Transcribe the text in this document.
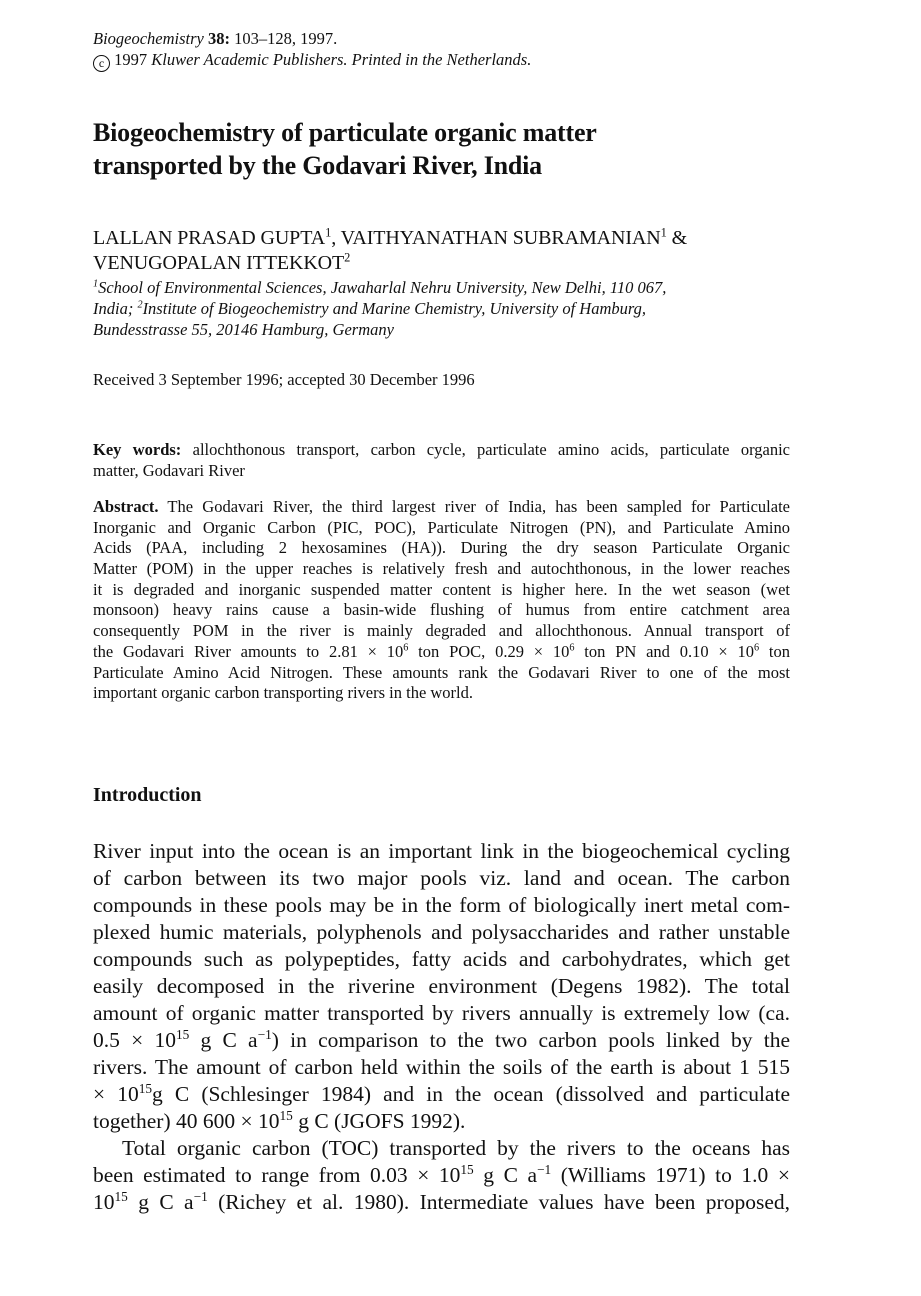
Biogeochemistry 38: 103–128, 1997.
c 1997 Kluwer Academic Publishers. Printed in the Netherlands.
Biogeochemistry of particulate organic matter
transported by the Godavari River, India
LALLAN PRASAD GUPTA$^1$, VAITHYANATHAN SUBRAMANIAN$^1$ &
VENUGOPALAN ITTEKKOT$^2$
$^1$School of Environmental Sciences, Jawaharlal Nehru University, New Delhi, 110 067,
India; $^2$Institute of Biogeochemistry and Marine Chemistry, University of Hamburg,
Bundesstrasse 55, 20146 Hamburg, Germany
Received 3 September 1996; accepted 30 December 1996
Key words: allochthonous transport, carbon cycle, particulate amino acids, particulate organic
matter, Godavari River
Abstract. The Godavari River, the third largest river of India, has been sampled for Particulate
Inorganic and Organic Carbon (PIC, POC), Particulate Nitrogen (PN), and Particulate Amino
Acids (PAA, including 2 hexosamines (HA)). During the dry season Particulate Organic
Matter (POM) in the upper reaches is relatively fresh and autochthonous, in the lower reaches
it is degraded and inorganic suspended matter content is higher here. In the wet season (wet
monsoon) heavy rains cause a basin-wide flushing of humus from entire catchment area
consequently POM in the river is mainly degraded and allochthonous. Annual transport of
the Godavari River amounts to $2.81 \times 10^6$ ton POC, $0.29 \times 10^6$ ton PN and $0.10 \times 10^6$ ton
Particulate Amino Acid Nitrogen. These amounts rank the Godavari River to one of the most
important organic carbon transporting rivers in the world.
Introduction
River input into the ocean is an important link in the biogeochemical cycling
of carbon between its two major pools viz. land and ocean. The carbon
compounds in these pools may be in the form of biologically inert metal com-
plexed humic materials, polyphenols and polysaccharides and rather unstable
compounds such as polypeptides, fatty acids and carbohydrates, which get
easily decomposed in the riverine environment (Degens 1982). The total
amount of organic matter transported by rivers annually is extremely low (ca.
$0.5 \times 10^{15}$ g C $a^{-1}$) in comparison to the two carbon pools linked by the
rivers. The amount of carbon held within the soils of the earth is about 1 515
× $10^{15}g$ C (Schlesinger 1984) and in the ocean (dissolved and particulate
together) 40 $600 \times 10^{15}$ g C (JGOFS 1992).
Total organic carbon (TOC) transported by the rivers to the oceans has
been estimated to range from $0.03 \times 10^{15}$ g C $a^{-1}$ (Williams 1971) to 1.0 ×
$10^{15}$ g C $a^{-1}$ (Richey et al. 1980). Intermediate values have been proposed,
